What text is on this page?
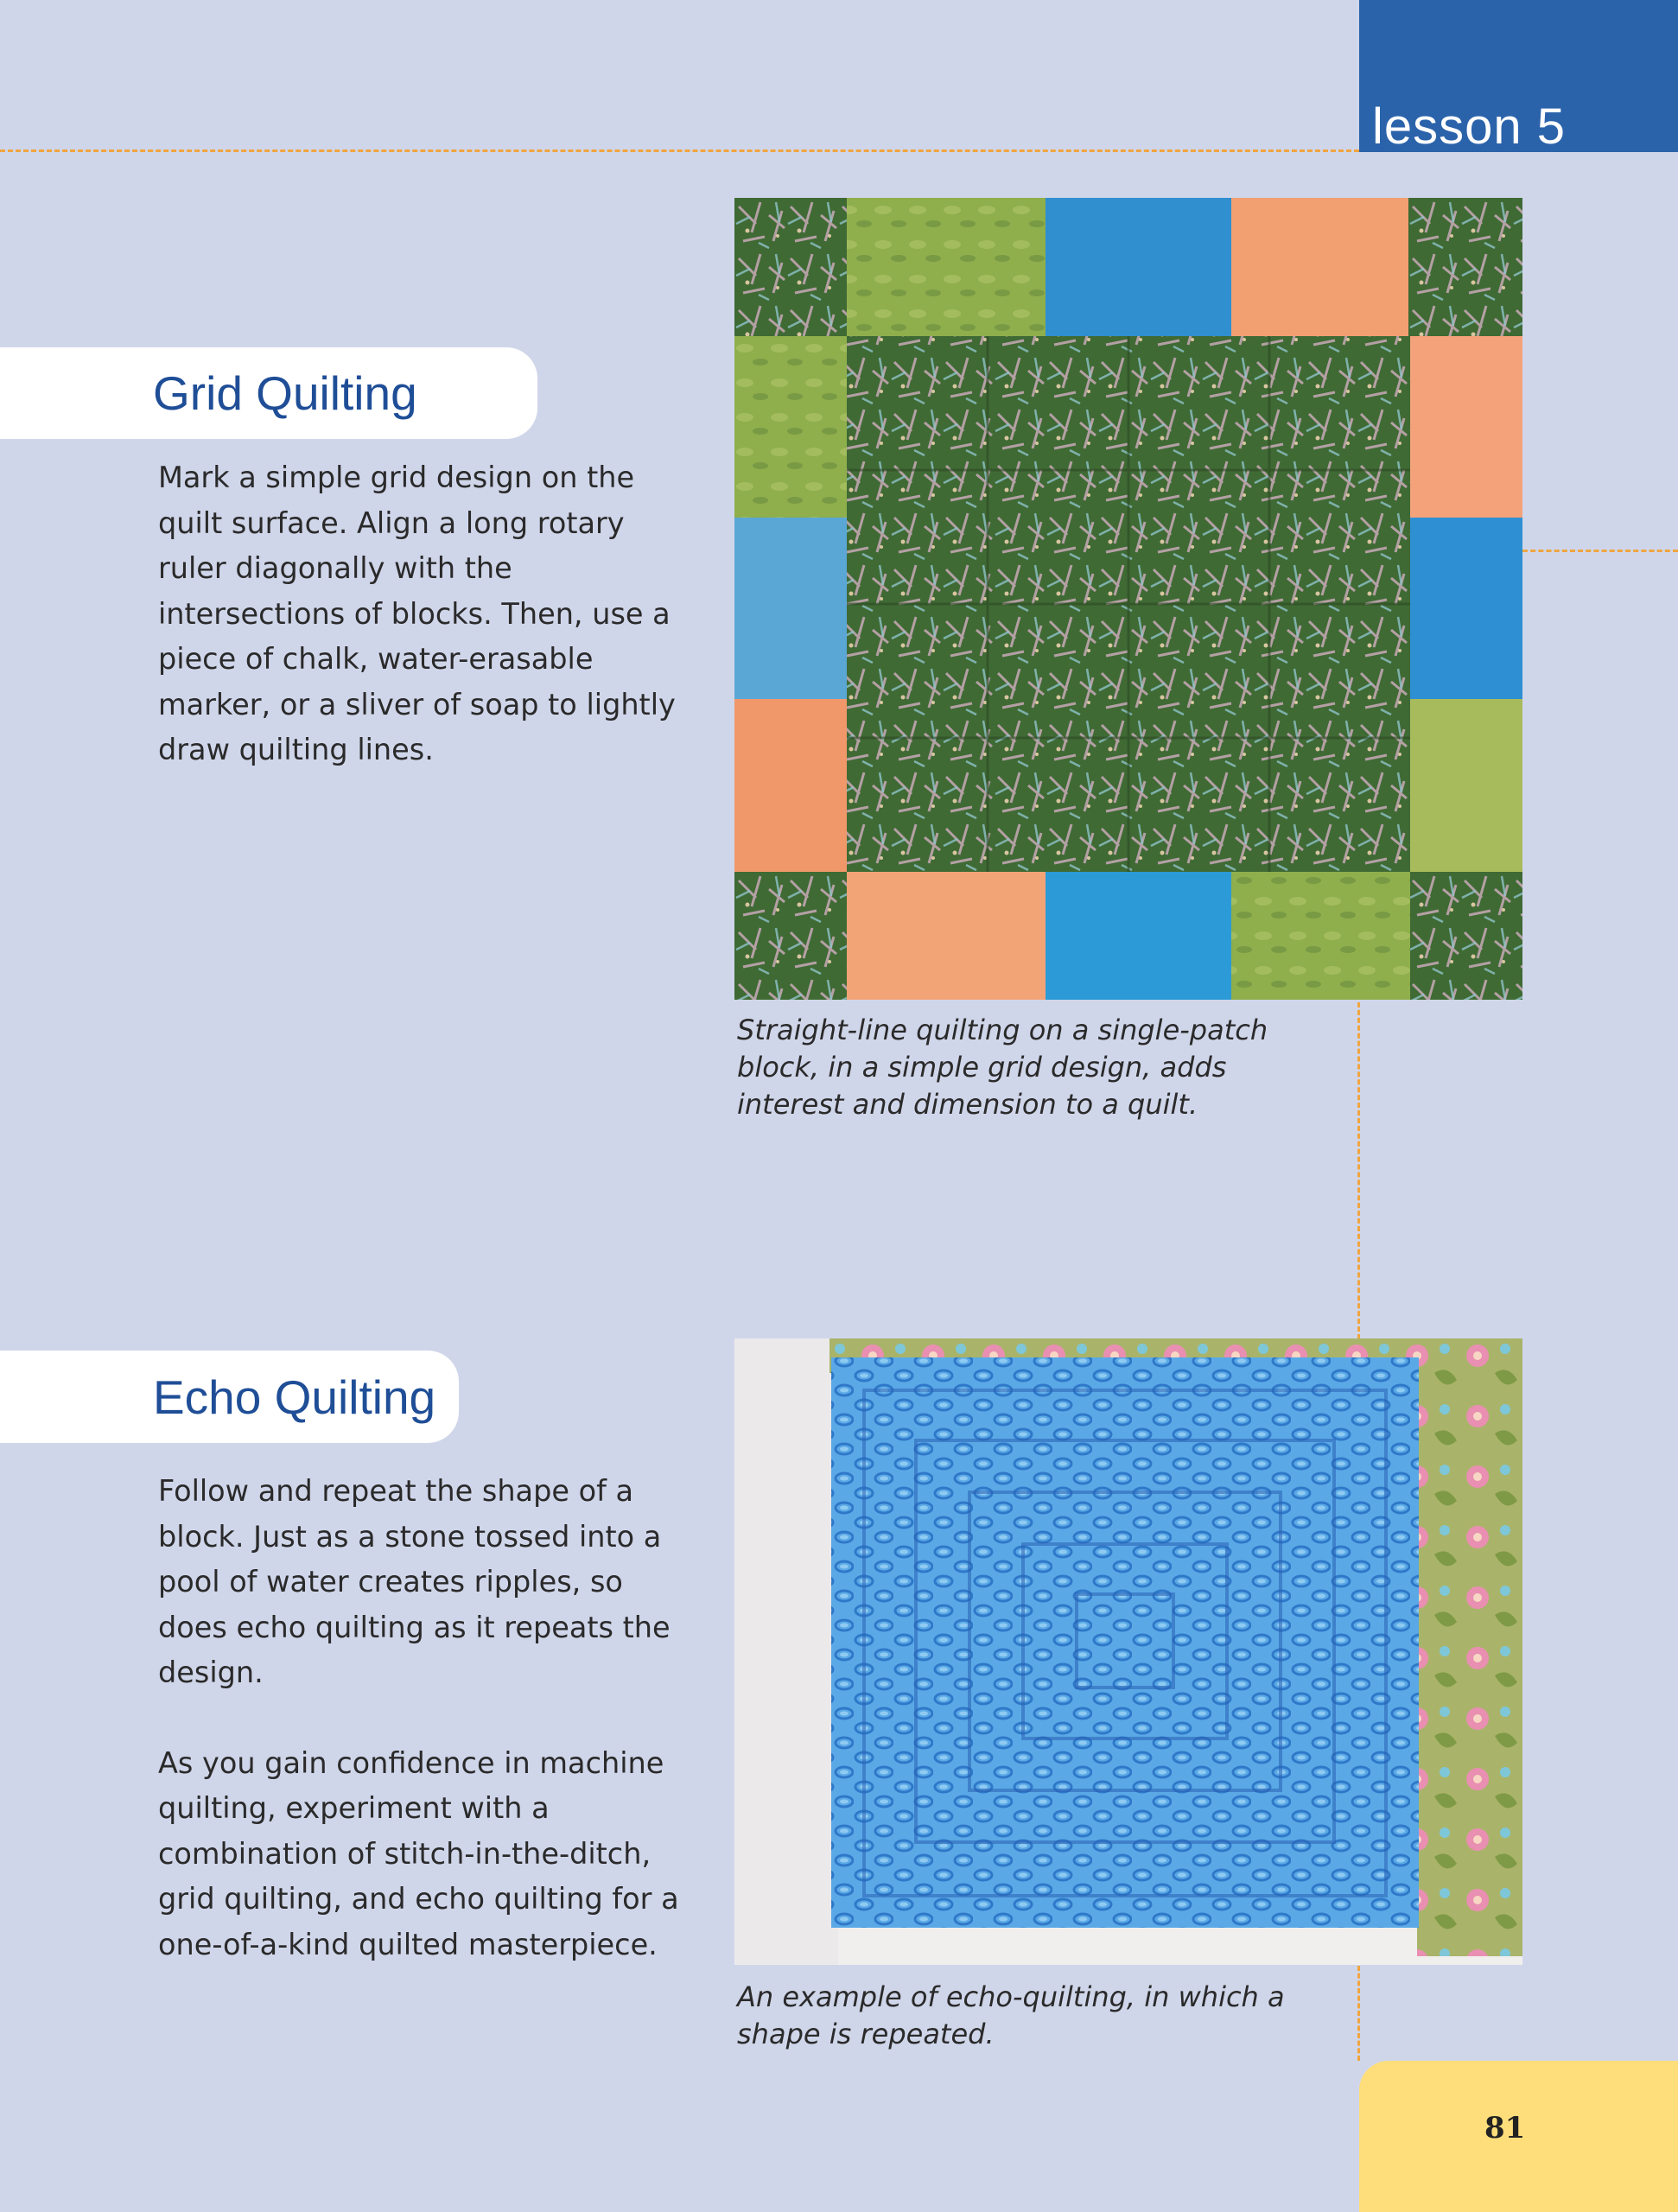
lesson 5
Grid Quilting

Mark a simple grid design on the quilt surface. Align a long rotary ruler diagonally with the intersections of blocks. Then, use a piece of chalk, water-erasable marker, or a sliver of soap to lightly draw quilting lines.

Straight-line quilting on a single-patch block, in a simple grid design, adds interest and dimension to a quilt.
Echo Quilting

Follow and repeat the shape of a block. Just as a stone tossed into a pool of water creates ripples, so does echo quilting as it repeats the design.

As you gain confidence in machine quilting, experiment with a combination of stitch-in-the-ditch, grid quilting, and echo quilting for a one-of-a-kind quilted masterpiece.

An example of echo-quilting, in which a shape is repeated.
81
